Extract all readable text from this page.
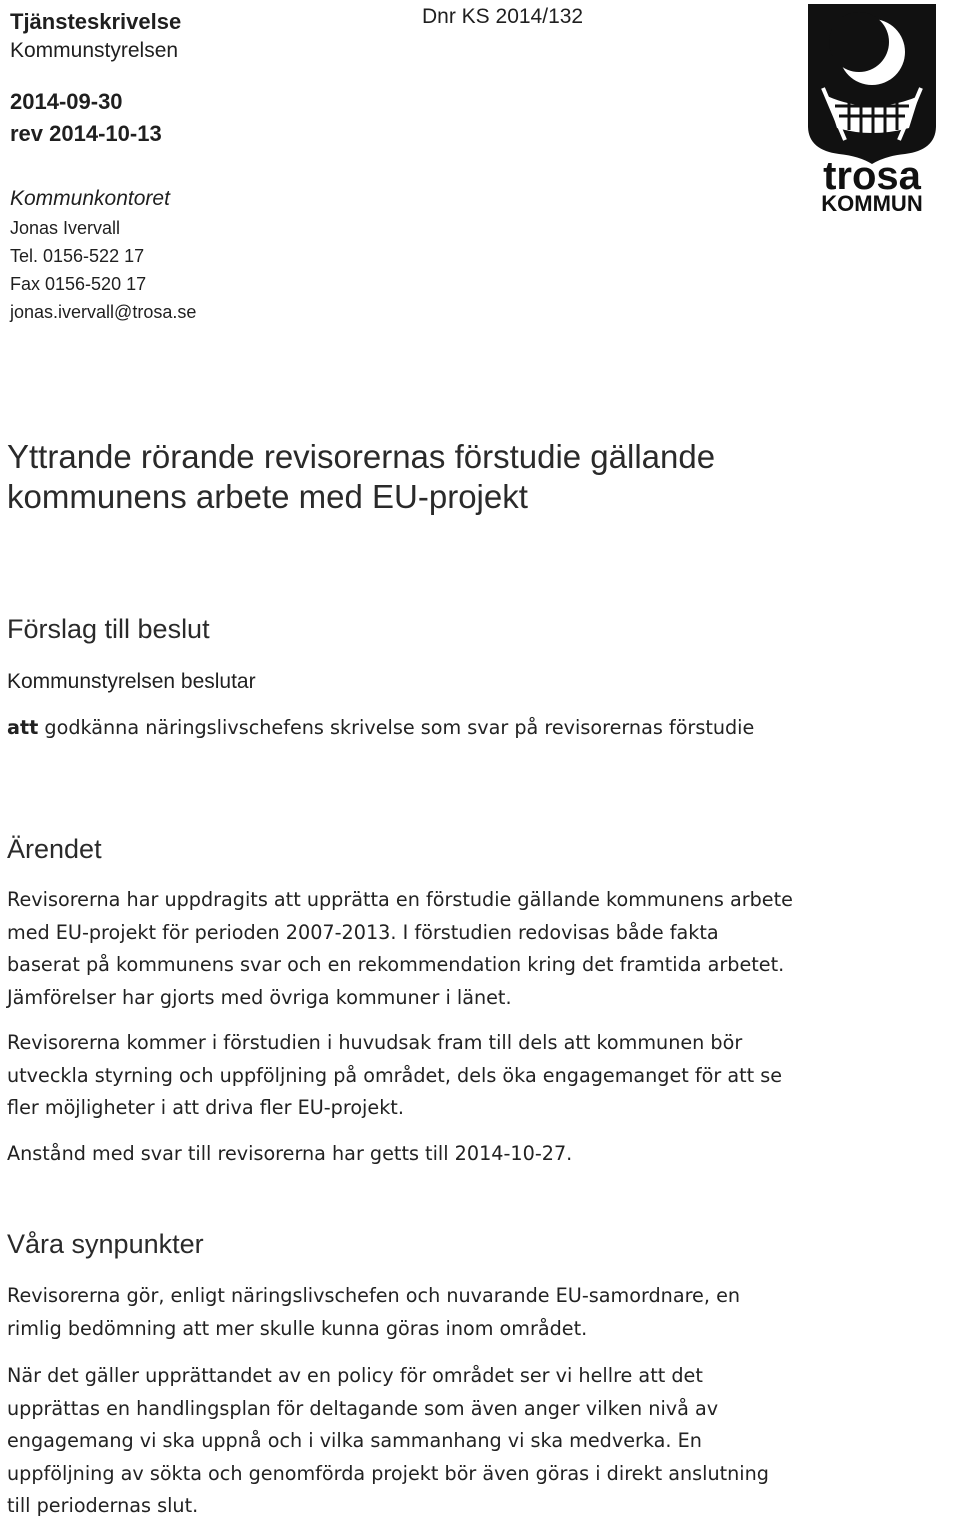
Tjänsteskrivelse

Kommunstyrelsen

2014-09-30

rev 2014-10-13

Kommunkontoret

Jonas Ivervall

Tel. 0156-522 17

Fax 0156-520 17

jonas.ivervall@trosa.se

Dnr KS 2014/132
trosa
KOMMUN
Yttrande rörande revisorernas förstudie gällande
kommunens arbete med EU-projekt
Förslag till beslut

Kommunstyrelsen beslutar

att godkänna näringslivschefens skrivelse som svar på revisorernas förstudie

Ärendet

Revisorerna har uppdragits att upprätta en förstudie gällande kommunens arbete
med EU-projekt för perioden 2007-2013. I förstudien redovisas både fakta
baserat på kommunens svar och en rekommendation kring det framtida arbetet.
Jämförelser har gjorts med övriga kommuner i länet.

Revisorerna kommer i förstudien i huvudsak fram till dels att kommunen bör
utveckla styrning och uppföljning på området, dels öka engagemanget för att se
fler möjligheter i att driva fler EU-projekt.

Anstånd med svar till revisorerna har getts till 2014-10-27.

Våra synpunkter

Revisorerna gör, enligt näringslivschefen och nuvarande EU-samordnare, en
rimlig bedömning att mer skulle kunna göras inom området.

När det gäller upprättandet av en policy för området ser vi hellre att det
upprättas en handlingsplan för deltagande som även anger vilken nivå av
engagemang vi ska uppnå och i vilka sammanhang vi ska medverka. En
uppföljning av sökta och genomförda projekt bör även göras i direkt anslutning
till periodernas slut.
